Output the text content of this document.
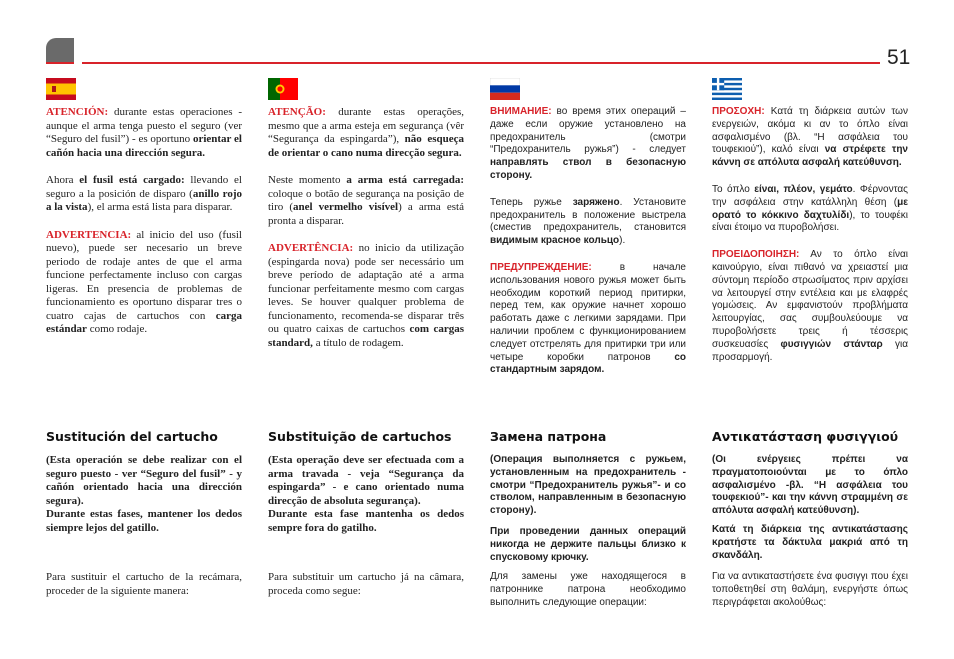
51

ATENCIÓN: durante estas operaciones - aunque el arma tenga puesto el seguro (ver “Seguro del fusil”) - es oportuno orientar el cañón hacia una dirección segura.

Ahora el fusil está cargado: llevando el seguro a la posición de disparo (anillo rojo a la vista), el arma está lista para disparar.

ADVERTENCIA: al inicio del uso (fusil nuevo), puede ser necesario un breve periodo de rodaje antes de que el arma funcione perfectamente incluso con cargas ligeras. En presencia de problemas de funcionamiento es oportuno disparar tres o cuatro cajas de cartuchos con carga estándar como rodaje.

Sustitución del cartucho

(Esta operación se debe realizar con el seguro puesto - ver “Seguro del fusil” - y cañón orientado hacia una dirección segura).

Durante estas fases, mantener los dedos siempre lejos del gatillo.

Para sustituir el cartucho de la recámara, proceder de la siguiente manera:

ATENÇÃO: durante estas operações, mesmo que a arma esteja em segurança (vêr “Segurança da espingarda”), não esqueça de orientar o cano numa direcção segura.

Neste momento a arma está carregada: coloque o botão de segurança na posição de tiro (anel vermelho visível) a arma está pronta a disparar.

ADVERTÊNCIA: no inicio da utilização (espingarda nova) pode ser necessário um breve período de adaptação até a arma funcionar perfeitamente mesmo com cargas leves. Se houver qualquer problema de funcionamento, recomenda-se disparar três ou quatro caixas de cartuchos com cargas standard, a título de rodagem.

Substituição de cartuchos

(Esta operação deve ser efectuada com a arma travada - veja “Segurança da espingarda” - e cano orientado numa direcção de absoluta segurança).

Durante esta fase mantenha os dedos sempre fora do gatilho.

Para substituir um cartucho já na câmara, proceda como segue:

ВНИМАНИЕ: во время этих операций – даже если оружие установлено на предохранитель (смотри “Предохранитель ружья”) - следует направлять ствол в безопасную сторону.

Теперь ружье заряжено. Установите предохранитель в положение выстрела (сместив предохранитель, становится видимым красное кольцо).

ПРЕДУПРЕЖДЕНИЕ: в начале использования нового ружья может быть необходим короткий период притирки, перед тем, как оружие начнет хорошо работать даже с легкими зарядами. При наличии проблем с функционированием следует отстрелять для притирки три или четыре коробки патронов со стандартным зарядом.

Замена патрона

(Операция выполняется с ружьем, установленным на предохранитель - смотри “Предохранитель ружья”- и со стволом, направленным в безопасную сторону).

При проведении данных операций никогда не держите пальцы близко к спусковому крючку.

Для замены уже находящегося в патроннике патрона необходимо выполнить следующие операции:

ΠΡΟΣΟΧΗ: Κατά τη διάρκεια αυτών των ενεργειών, ακόμα κι αν το όπλο είναι ασφαλισμένο (βλ. “Η ασφάλεια του τουφεκιού”), καλό είναι να στρέφετε την κάννη σε απόλυτα ασφαλή κατεύθυνση.

Το όπλο είναι, πλέον, γεμάτο. Φέρνοντας την ασφάλεια στην κατάλληλη θέση (με ορατό το κόκκινο δαχτυλίδι), το τουφέκι είναι έτοιμο να πυροβολήσει.

ΠΡΟΕΙΔΟΠΟΙΗΣΗ: Αν το όπλο είναι καινούργιο, είναι πιθανό να χρειαστεί μια σύντομη περίοδο στρωσίματος πριν αρχίσει να λειτουργεί στην εντέλεια και με ελαφρές γομώσεις. Αν εμφανιστούν προβλήματα λειτουργίας, σας συμβουλεύουμε να πυροβολήσετε τρεις ή τέσσερις συσκευασίες φυσιγγιών στάνταρ για προσαρμογή.

Αντικατάσταση φυσιγγιού

(Οι ενέργειες πρέπει να πραγματοποιούνται με το όπλο ασφαλισμένο -βλ. “Η ασφάλεια του τουφεκιού”- και την κάννη στραμμένη σε απόλυτα ασφαλή κατεύθυνση).

Κατά τη διάρκεια της αντικατάστασης κρατήστε τα δάκτυλα μακριά από τη σκανδάλη.

Για να αντικαταστήσετε ένα φυσιγγι που έχει τοποθετηθεί στη θαλάμη, ενεργήστε όπως περιγράφεται ακολούθως:
